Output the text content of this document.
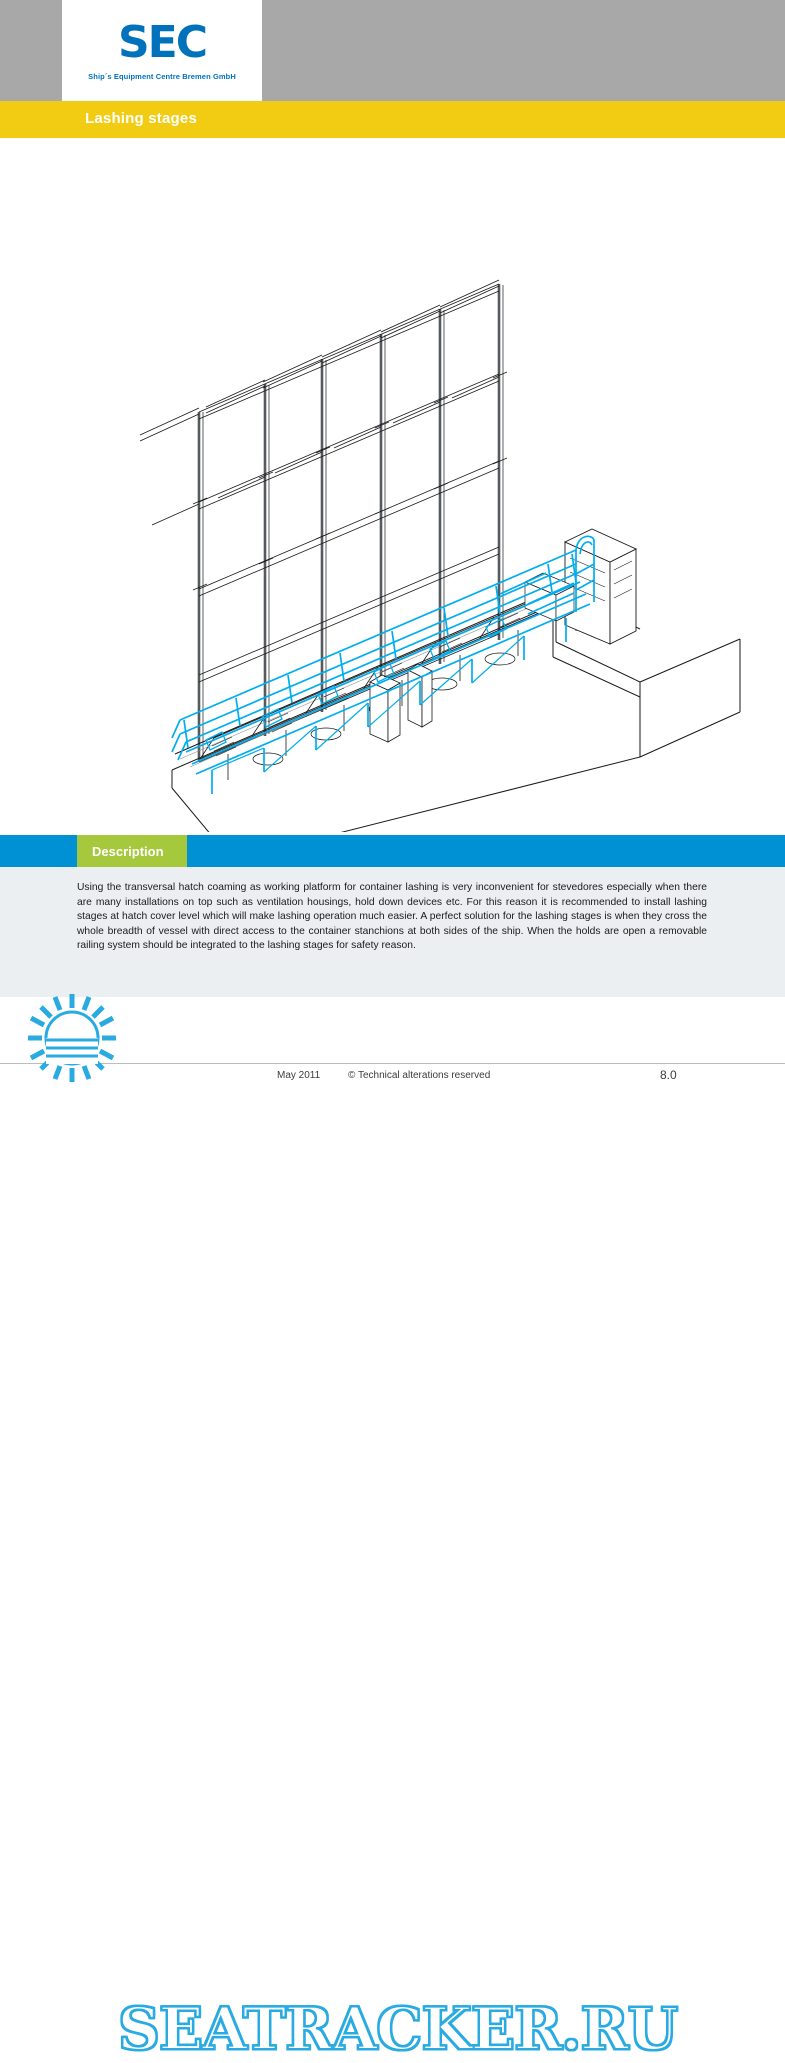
SEC
Ship´s Equipment Centre Bremen GmbH
Lashing stages
Description
Using the transversal hatch coaming as working platform for container lashing is very inconvenient for stevedores especially when there are many installations on top such as ventilation housings, hold down devices etc. For this reason it is recommended to install lashing stages at hatch cover level which will make lashing operation much easier. A perfect solution for the lashing stages is when they cross the whole breadth of vessel with direct access to the container stanchions at both sides of the ship. When the holds are open a removable railing system should be integrated to the lashing stages for safety reason.
May 2011	© Technical alterations reserved	8.0
SEATRACKER.RU
